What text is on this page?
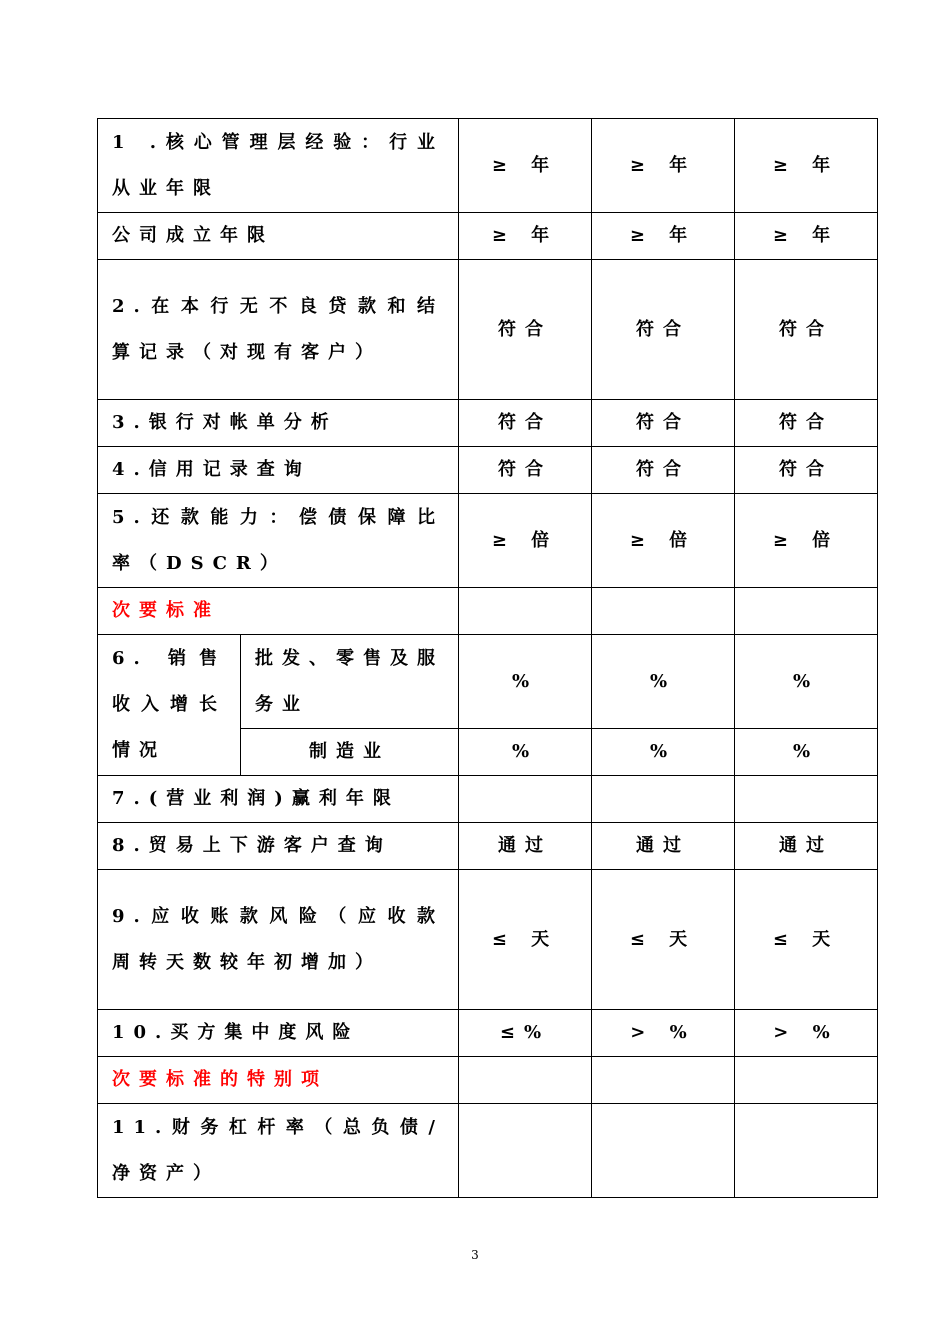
1 .核心管理层经验：行业从业年限		≥ 年	≥ 年	≥ 年
公司成立年限		≥ 年	≥ 年	≥ 年
2.在本行无不良贷款和结算记录（对现有客户）		符合	符合	符合
3.银行对帐单分析		符合	符合	符合
4.信用记录查询		符合	符合	符合
5.还款能力：偿债保障比率（DSCR）		≥ 倍	≥ 倍	≥ 倍
次要标准				
6. 销售收入增长情况	批发、零售及服务业	%	%	%
	制造业	%	%	%
7.(营业利润)赢利年限				
8.贸易上下游客户查询		通过	通过	通过
9.应收账款风险（应收款周转天数较年初增加）		≤ 天	≤ 天	≤ 天
10.买方集中度风险		≤%	> %	> %
次要标准的特别项				
11.财务杠杆率（总负债/净资产）				
3
